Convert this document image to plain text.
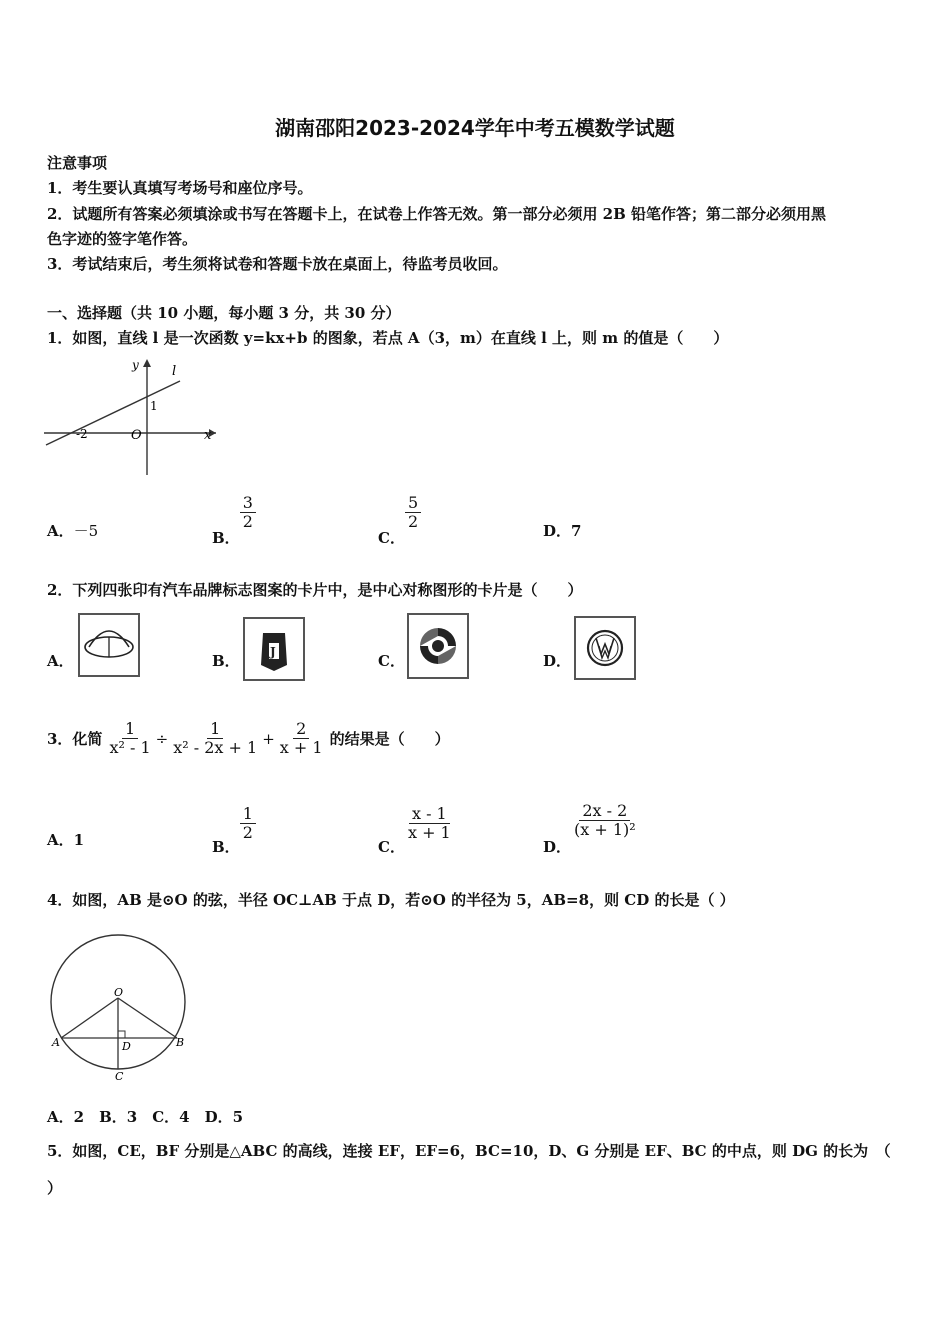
湖南邵阳2023-2024学年中考五模数学试题
注意事项
1．考生要认真填写考场号和座位序号。
2．试题所有答案必须填涂或书写在答题卡上，在试卷上作答无效。第一部分必须用 2B 铅笔作答；第二部分必须用黑
色字迹的签字笔作答。
3．考试结束后，考生须将试卷和答题卡放在桌面上，待监考员收回。
一、选择题（共 10 小题，每小题 3 分，共 30 分）
1．如图，直线 l 是一次函数 y=kx+b 的图象，若点 A（3，m）在直线 l 上，则 m 的值是（　　）
y
x
l
1
-2	O
A．－5	B．
$\frac{3}{2}$
C．
$\frac{5}{2}$	D．7
2．下列四张印有汽车品牌标志图案的卡片中，是中心对称图形的卡片是（　　）
A．	B．	J	C．	D．
3．化简 $\frac{1}{\text{x² - 1}} \div \frac{1}{\text{x² - 2x + 1}} + \frac{2}{x + 1}$ 的结果是（　　）
A．1	B．
$\frac{1}{2}$
C．
$\frac{x - 1}{x + 1}$
D．
$\frac{2x - 2}{\text{(x + 1)²}}$
4．如图，AB 是⊙O 的弦，半径 OC⊥AB 于点 D，若⊙O 的半径为 5，AB=8，则 CD 的长是（ ）
O
A	B
D
C
A．2　B．3　C．4　D．5
5．如图，CE，BF 分别是△ABC 的高线，连接 EF，EF=6，BC=10，D、G 分别是 EF、BC 的中点，则 DG 的长为　（
）
